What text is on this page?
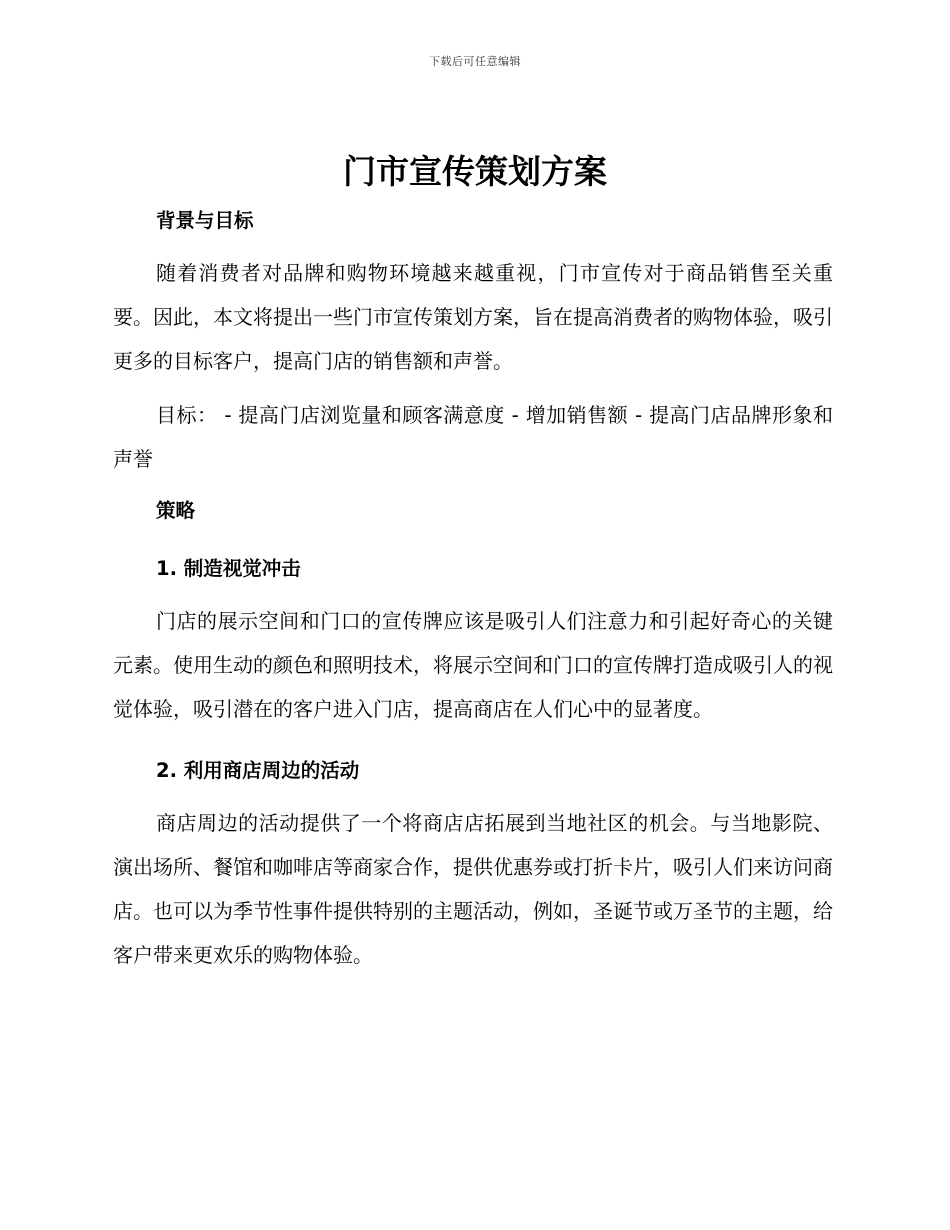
下载后可任意编辑
门市宣传策划方案
背景与目标

随着消费者对品牌和购物环境越来越重视，门市宣传对于商品销售至关重要。因此，本文将提出一些门市宣传策划方案，旨在提高消费者的购物体验，吸引更多的目标客户，提高门店的销售额和声誉。

目标： - 提高门店浏览量和顾客满意度 - 增加销售额 - 提高门店品牌形象和声誉

策略
1. 制造视觉冲击

门店的展示空间和门口的宣传牌应该是吸引人们注意力和引起好奇心的关键元素。使用生动的颜色和照明技术，将展示空间和门口的宣传牌打造成吸引人的视觉体验，吸引潜在的客户进入门店，提高商店在人们心中的显著度。

2. 利用商店周边的活动

商店周边的活动提供了一个将商店店拓展到当地社区的机会。与当地影院、演出场所、餐馆和咖啡店等商家合作，提供优惠券或打折卡片，吸引人们来访问商店。也可以为季节性事件提供特别的主题活动，例如，圣诞节或万圣节的主题，给客户带来更欢乐的购物体验。
